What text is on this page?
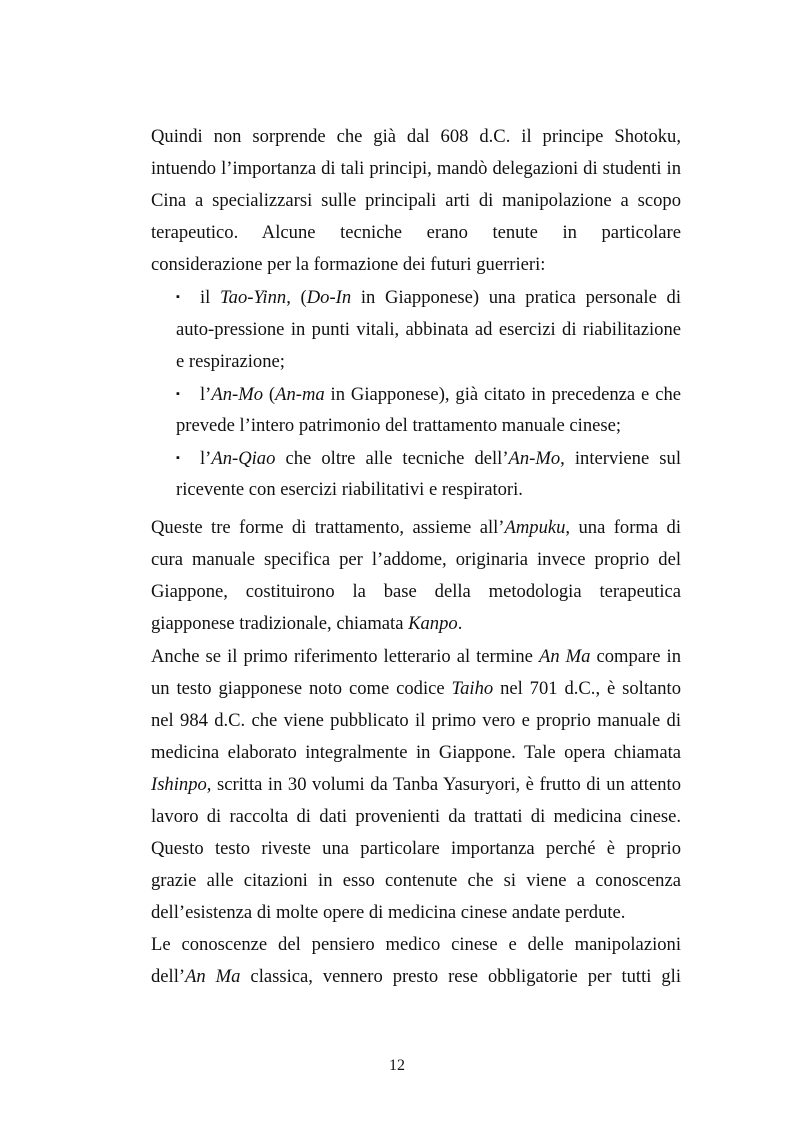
Quindi non sorprende che già dal 608 d.C. il principe Shotoku,
intuendo l’importanza di tali principi, mandò delegazioni di studenti in
Cina a specializzarsi sulle principali arti di manipolazione a scopo
terapeutico. Alcune tecniche erano tenute in particolare
considerazione per la formazione dei futuri guerrieri:
▪ il Tao-Yinn, (Do-In in Giapponese) una pratica personale di
auto-pressione in punti vitali, abbinata ad esercizi di riabilitazione
e respirazione;
▪ l’An-Mo (An-ma in Giapponese), già citato in precedenza e che
prevede l’intero patrimonio del trattamento manuale cinese;
▪ l’An-Qiao che oltre alle tecniche dell’An-Mo, interviene sul
ricevente con esercizi riabilitativi e respiratori.
Queste tre forme di trattamento, assieme all’Ampuku, una forma di
cura manuale specifica per l’addome, originaria invece proprio del
Giappone, costituirono la base della metodologia terapeutica
giapponese tradizionale, chiamata Kanpo.
Anche se il primo riferimento letterario al termine An Ma compare in
un testo giapponese noto come codice Taiho nel 701 d.C., è soltanto
nel 984 d.C. che viene pubblicato il primo vero e proprio manuale di
medicina elaborato integralmente in Giappone. Tale opera chiamata
Ishinpo, scritta in 30 volumi da Tanba Yasuryori, è frutto di un attento
lavoro di raccolta di dati provenienti da trattati di medicina cinese.
Questo testo riveste una particolare importanza perché è proprio
grazie alle citazioni in esso contenute che si viene a conoscenza
dell’esistenza di molte opere di medicina cinese andate perdute.
Le conoscenze del pensiero medico cinese e delle manipolazioni
dell’An Ma classica, vennero presto rese obbligatorie per tutti gli
12
